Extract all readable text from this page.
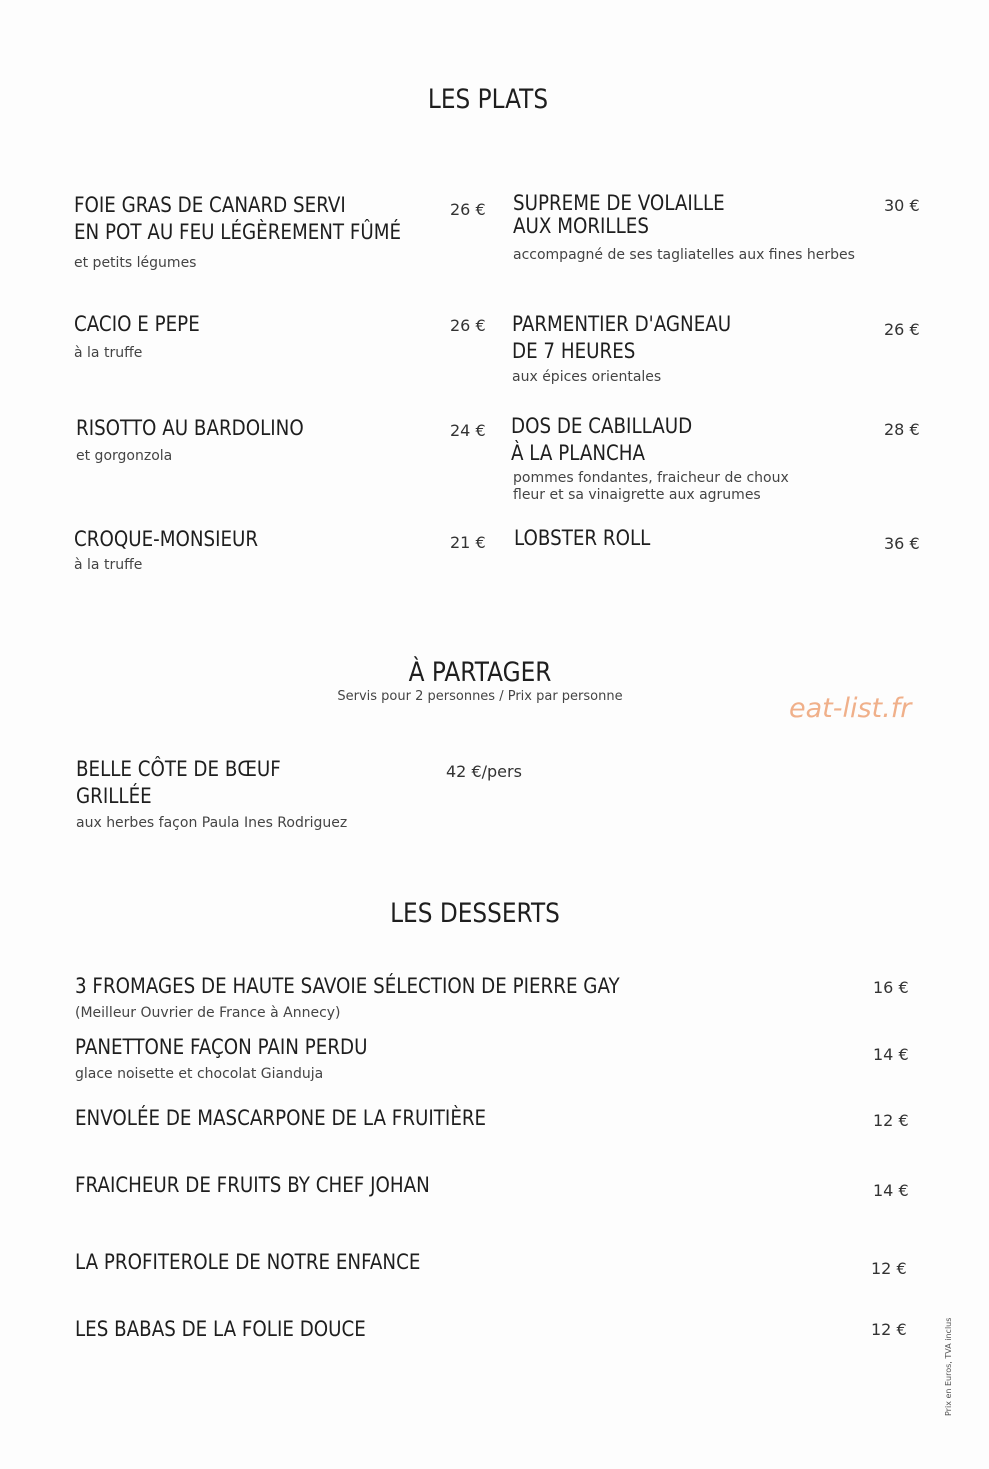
LES PLATS
FOIE GRAS DE CANARD SERVI
EN POT AU FEU LÉGÈREMENT FÛMÉ
26 €
et petits légumes
CACIO E PEPE	26 €
à la truffe
RISOTTO AU BARDOLINO	24 €
et gorgonzola
CROQUE-MONSIEUR	21 €
à la truffe
SUPREME DE VOLAILLE
AUX MORILLES
30 €
accompagné de ses tagliatelles aux fines herbes
PARMENTIER D'AGNEAU
DE 7 HEURES
26 €
aux épices orientales
DOS DE CABILLAUD
À LA PLANCHA
28 €
pommes fondantes, fraicheur de choux
fleur et sa vinaigrette aux agrumes
LOBSTER ROLL	36 €
À PARTAGER
Servis pour 2 personnes / Prix par personne	eat-list.fr
BELLE CÔTE DE BŒUF
GRILLÉE
42 €/pers
aux herbes façon Paula Ines Rodriguez
LES DESSERTS
3 FROMAGES DE HAUTE SAVOIE SÉLECTION DE PIERRE GAY	16 €
(Meilleur Ouvrier de France à Annecy)
PANETTONE FAÇON PAIN PERDU	14 €
glace noisette et chocolat Gianduja
ENVOLÉE DE MASCARPONE DE LA FRUITIÈRE	12 €
FRAICHEUR DE FRUITS BY CHEF JOHAN	14 €
LA PROFITEROLE DE NOTRE ENFANCE	12 €
LES BABAS DE LA FOLIE DOUCE	12 €	Prix en Euros, TVA inclus
